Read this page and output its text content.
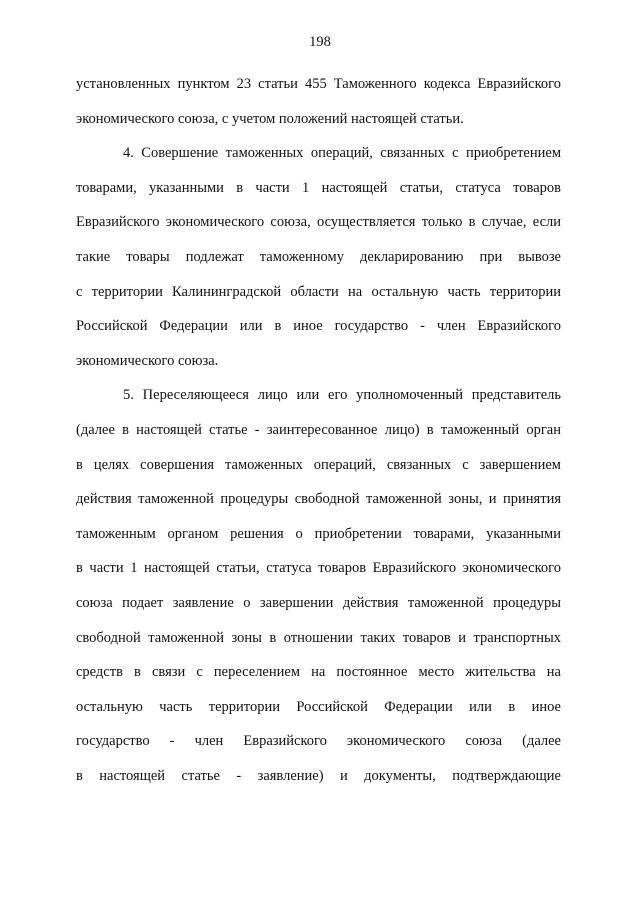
198
установленных пунктом 23 статьи 455 Таможенного кодекса Евразийского
экономического союза, с учетом положений настоящей статьи.
4. Совершение таможенных операций, связанных с приобретением
товарами, указанными в части 1 настоящей статьи, статуса товаров
Евразийского экономического союза, осуществляется только в случае, если
такие товары подлежат таможенному декларированию при вывозе
с территории Калининградской области на остальную часть территории
Российской Федерации или в иное государство - член Евразийского
экономического союза.
5. Переселяющееся лицо или его уполномоченный представитель
(далее в настоящей статье - заинтересованное лицо) в таможенный орган
в целях совершения таможенных операций, связанных с завершением
действия таможенной процедуры свободной таможенной зоны, и принятия
таможенным органом решения о приобретении товарами, указанными
в части 1 настоящей статьи, статуса товаров Евразийского экономического
союза подает заявление о завершении действия таможенной процедуры
свободной таможенной зоны в отношении таких товаров и транспортных
средств в связи с переселением на постоянное место жительства на
остальную часть территории Российской Федерации или в иное
государство - член Евразийского экономического союза (далее
в настоящей статье - заявление) и документы, подтверждающие
